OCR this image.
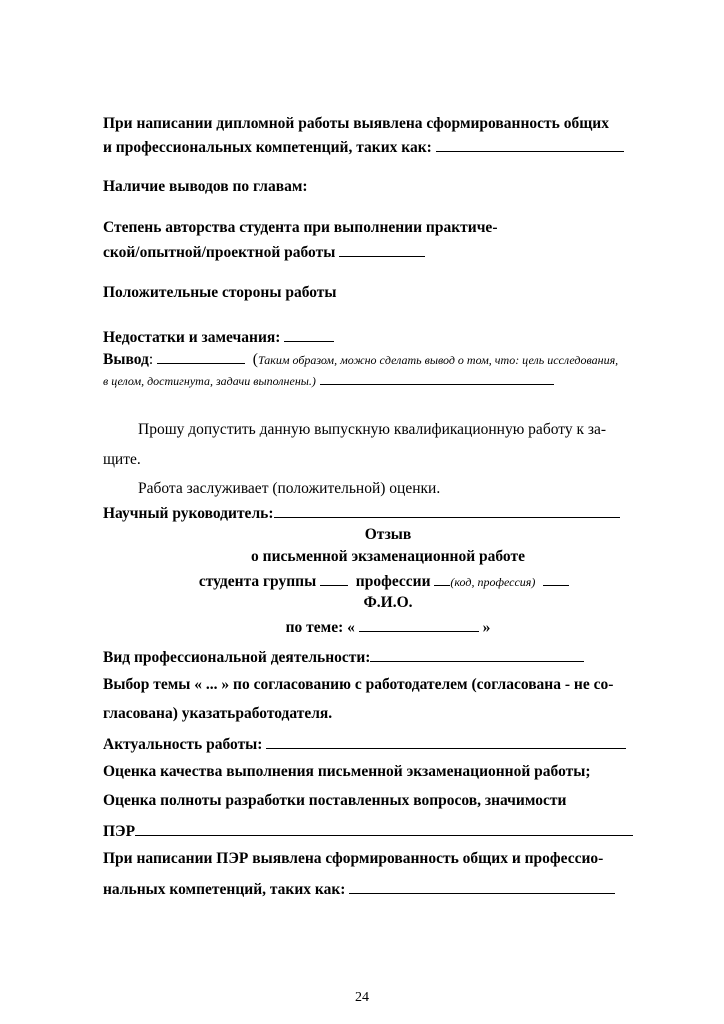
При написании дипломной работы выявлена сформированность общих
и профессиональных компетенций, таких как:
Наличие выводов по главам:
Степень авторства студента при выполнении практиче-
ской/опытной/проектной работы
Положительные стороны работы
Недостатки и замечания:
Вывод:	(Таким образом, можно сделать вывод о том, что: цель исследования,
в целом, достигнута, задачи выполнены.)
Прошу допустить данную выпускную квалификационную работу к за-
щите.
Работа заслуживает (положительной) оценки.
Научный руководитель:
Отзыв
о письменной экзаменационной работе
студента группы	профессии (код, профессия)
Ф.И.О.
по теме: «	»
Вид профессиональной деятельности:
Выбор темы « ... » по согласованию с работодателем (согласована - не со-
гласована) указатьработодателя.
Актуальность работы:
Оценка качества выполнения письменной экзаменационной работы;
Оценка полноты разработки поставленных вопросов, значимости
ПЭР
При написании ПЭР выявлена сформированность общих и профессио-
нальных компетенций, таких как:
24
